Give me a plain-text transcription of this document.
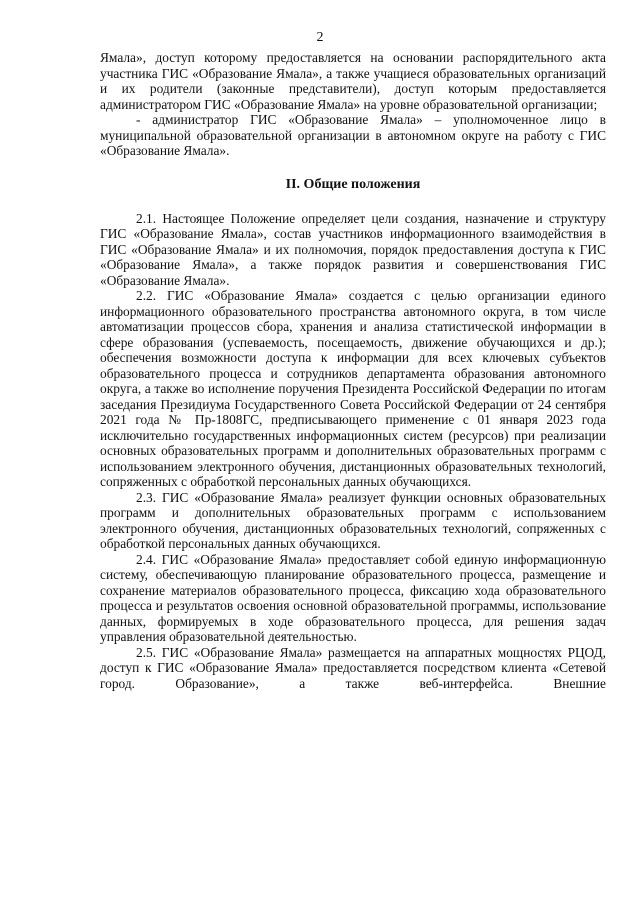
2

Ямала», доступ которому предоставляется на основании распорядительного акта участника ГИС «Образование Ямала», а также учащиеся образовательных организаций и их родители (законные представители), доступ которым предоставляется администратором ГИС «Образование Ямала» на уровне образовательной организации;

- администратор ГИС «Образование Ямала» – уполномоченное лицо в муниципальной образовательной организации в автономном округе на работу с ГИС «Образование Ямала».

II. Общие положения

2.1. Настоящее Положение определяет цели создания, назначение и структуру ГИС «Образование Ямала», состав участников информационного взаимодействия в ГИС «Образование Ямала» и их полномочия, порядок предоставления доступа к ГИС «Образование Ямала», а также порядок развития и совершенствования ГИС «Образование Ямала».

2.2. ГИС «Образование Ямала» создается с целью организации единого информационного образовательного пространства автономного округа, в том числе автоматизации процессов сбора, хранения и анализа статистической информации в сфере образования (успеваемость, посещаемость, движение обучающихся и др.); обеспечения возможности доступа к информации для всех ключевых субъектов образовательного процесса и сотрудников департамента образования автономного округа, а также во исполнение поручения Президента Российской Федерации по итогам заседания Президиума Государственного Совета Российской Федерации от 24 сентября 2021 года № Пр-1808ГС, предписывающего применение с 01 января 2023 года исключительно государственных информационных систем (ресурсов) при реализации основных образовательных программ и дополнительных образовательных программ с использованием электронного обучения, дистанционных образовательных технологий, сопряженных с обработкой персональных данных обучающихся.

2.3. ГИС «Образование Ямала» реализует функции основных образовательных программ и дополнительных образовательных программ с использованием электронного обучения, дистанционных образовательных технологий, сопряженных с обработкой персональных данных обучающихся.

2.4. ГИС «Образование Ямала» предоставляет собой единую информационную систему, обеспечивающую планирование образовательного процесса, размещение и сохранение материалов образовательного процесса, фиксацию хода образовательного процесса и результатов освоения основной образовательной программы, использование данных, формируемых в ходе образовательного процесса, для решения задач управления образовательной деятельностью.

2.5. ГИС «Образование Ямала» размещается на аппаратных мощностях РЦОД, доступ к ГИС «Образование Ямала» предоставляется посредством клиента «Сетевой город. Образование», а также веб-интерфейса. Внешние
